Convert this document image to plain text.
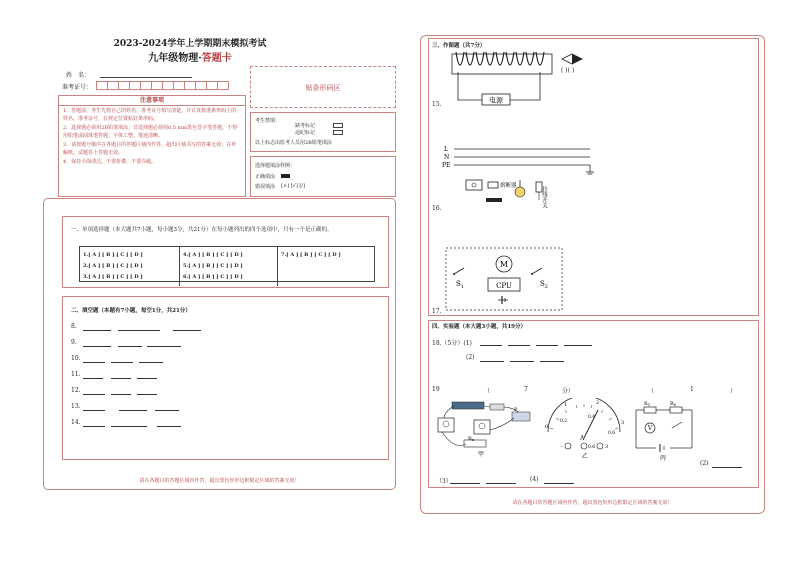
2023-2024学年上学期期末模拟考试
九年级物理·答题卡
姓　名：
准考证号：	贴条形码区
注意事项
1．答题前，考生先将自己的姓名，准考证号填写清楚，并认真核准条形码上的姓名、准考证号，在规定位置贴好条形码。
2．选择题必须用2B铅笔填涂；非选择题必须用0.5 mm黑色签字笔答题，不得用铅笔或圆珠笔答题；字体工整、笔迹清晰。
3．请按题号顺序在各题目的答题区域内作答，超出区域书写的答案无效；在草稿纸、试题卷上答题无效。
4．保持卡面清洁，不要折叠、不要弄破。
考生禁填：
缺考标记
违纪标记
以上标志由监考人员用2B铅笔填涂
选择题填涂样例：
正确填涂
错误填涂 [×] [√] [/]
一、单项选择题（本大题共7小题，每小题3分，共21分）在每小题列出的四个选项中，只有一个是正确的。
1.[ A ] [ B ] [ C ] [ D ]
2.[ A ] [ B ] [ C ] [ D ]
3.[ A ] [ B ] [ C ] [ D ]
4.[ A ] [ B ] [ C ] [ D ]
5.[ A ] [ B ] [ C ] [ D ]
6.[ A ] [ B ] [ C ] [ D ]
7.[ A ] [ B ] [ C ] [ D ]
二、填空题（本题有7小题，每空1分，共21分）
8.
9.
10.
11.
12.
13.
14.
请在各题目的答题区域内作答，超出黑色矩形边框限定区域的答案无效！
三、作图题（共7分）
15.
16.
17.
电源
( )( )
L
N
PE
熔断器	拉线开关
M
CPU
$S_1$	$S_2$
四、实验题（本大题3小题，共19分）
18.（5分）(1)
(2)
19	（	7	分）	（	1	）
P
$R_x$
甲
0
1	2
3
0.2
0.4
0.6
A
-	0.6 3
乙
$R_1$	$R_0$
V
丙
(2)
（3）	(4)
请在各题目的答题区域内作答，超出黑色矩形边框限定区域的答案无效！
